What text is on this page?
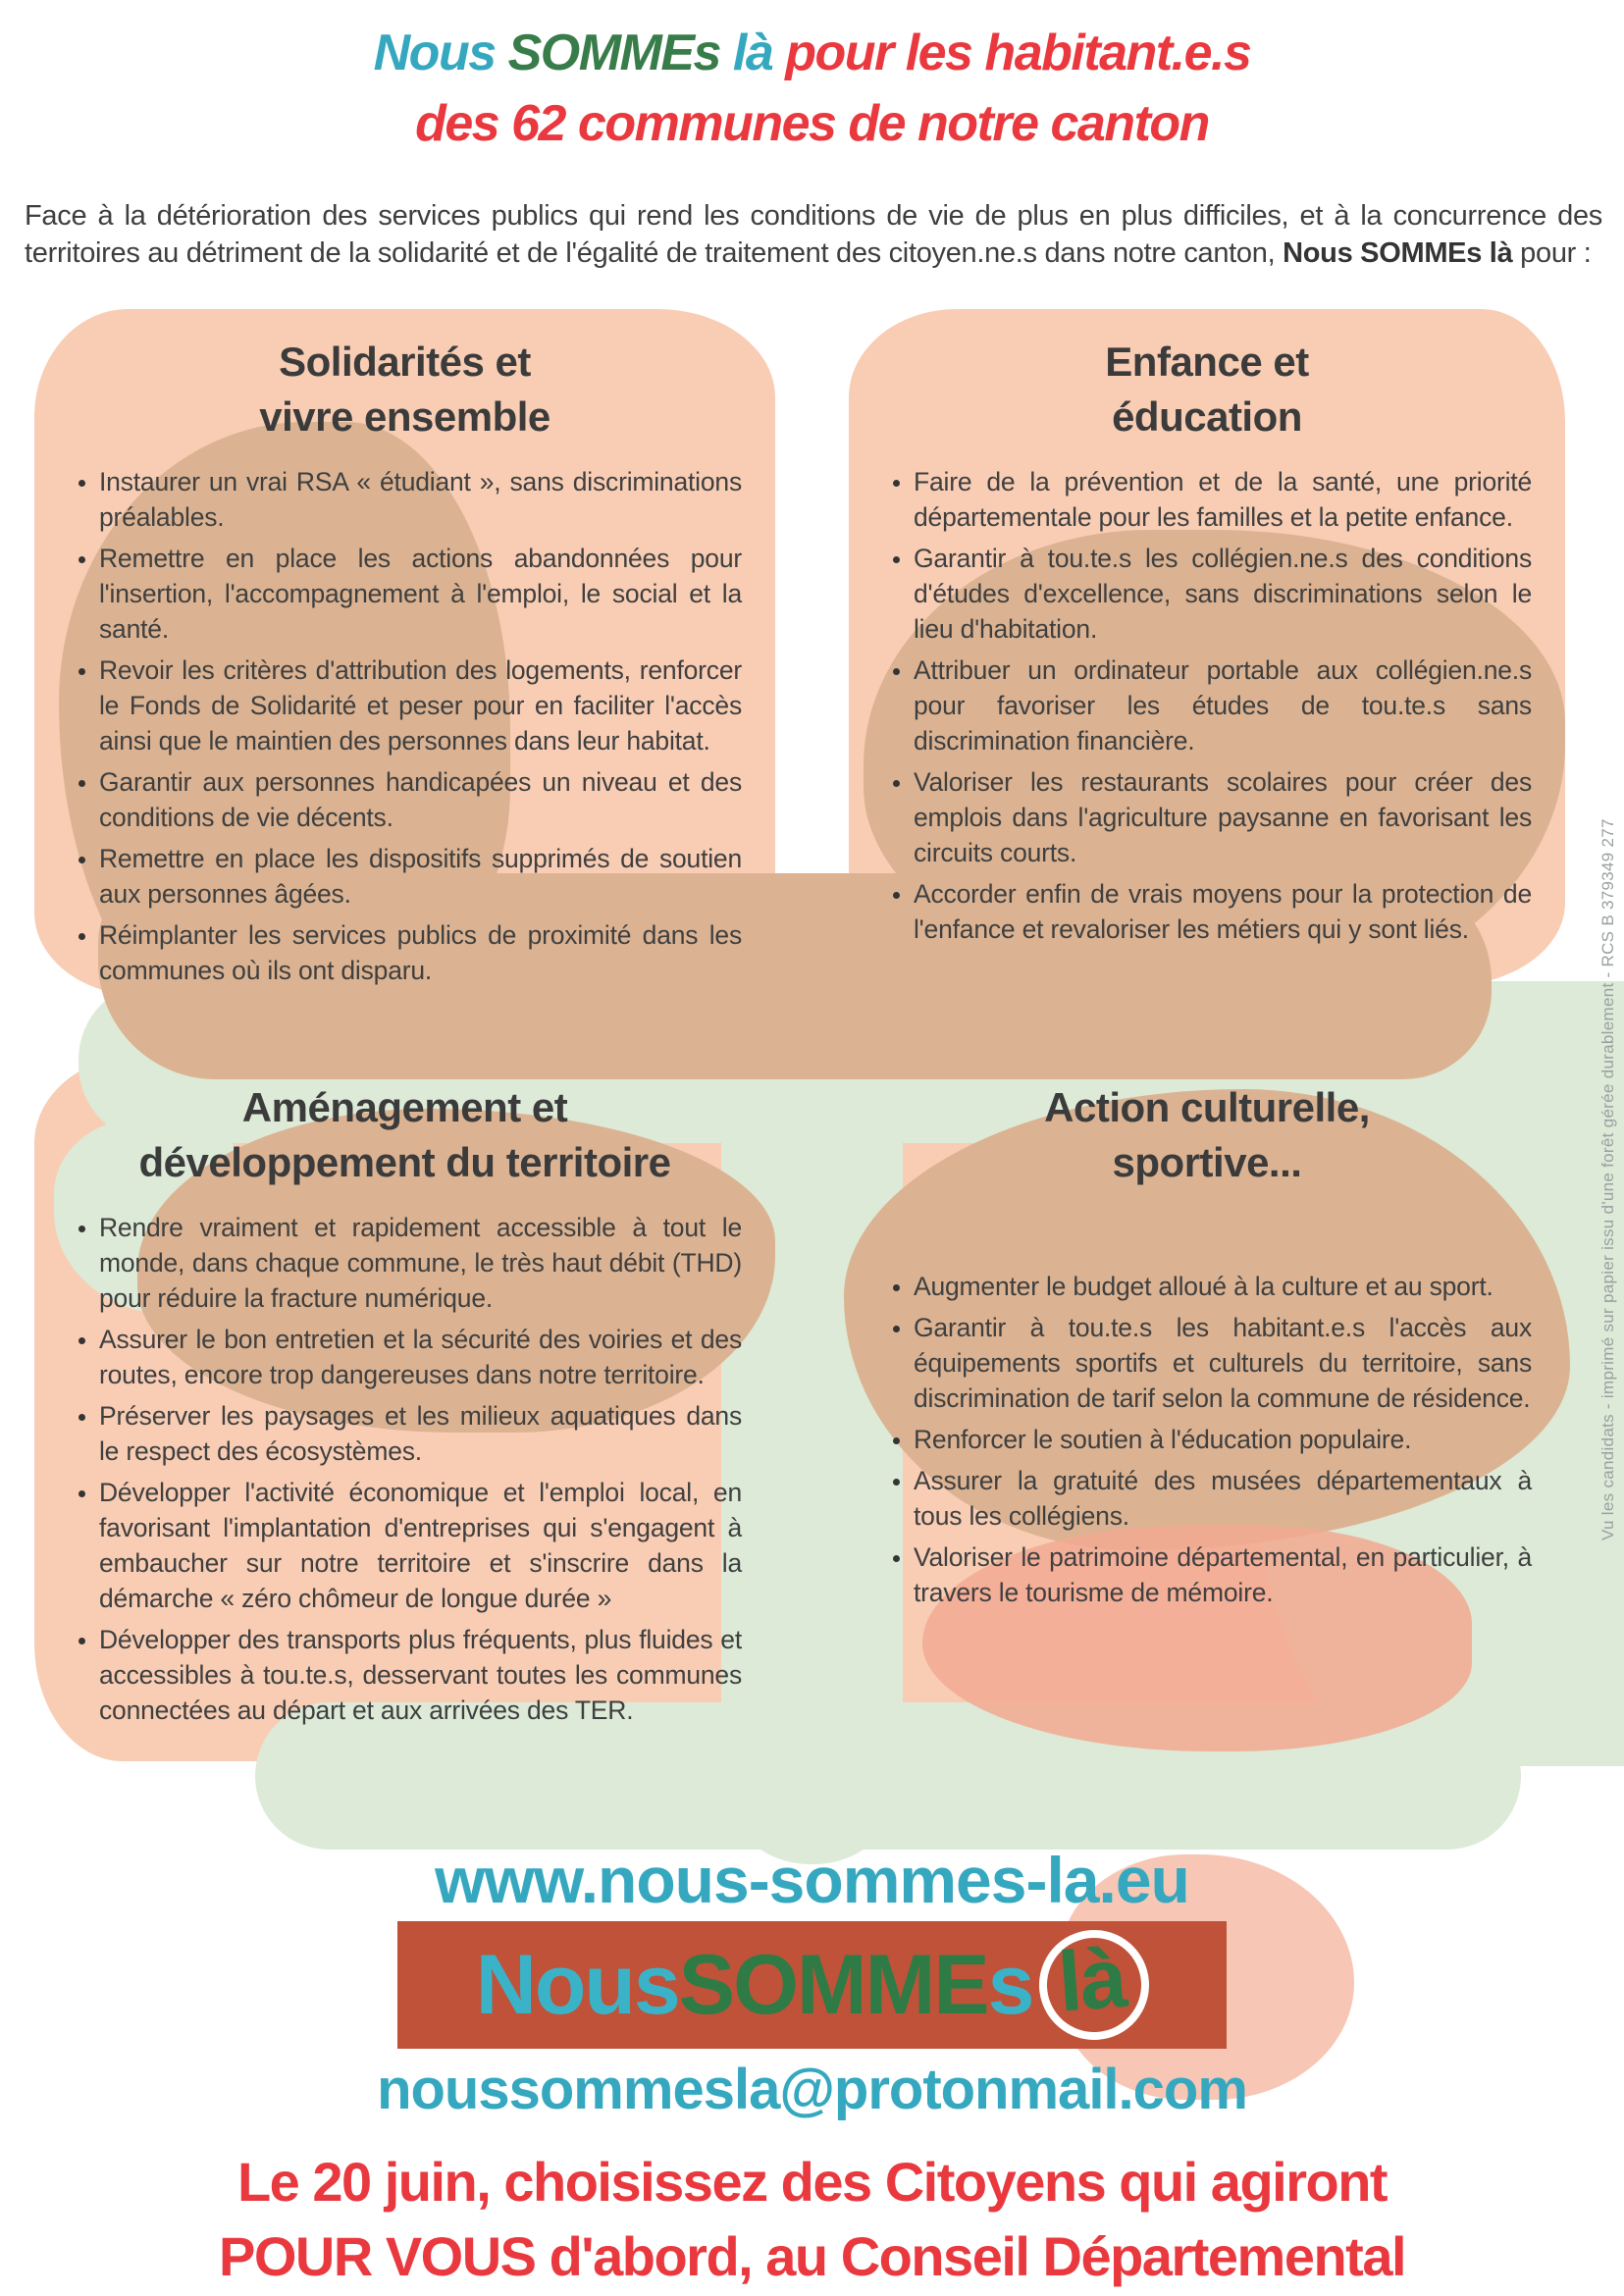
Nous SOMMEs là pour les habitant.e.s
des 62 communes de notre canton

Face à la détérioration des services publics qui rend les conditions de vie de plus en plus difficiles, et à la concurrence des territoires au détriment de la solidarité et de l'égalité de traitement des citoyen.ne.s dans notre canton, Nous SOMMEs là pour :

Solidarités et
vivre ensemble
• Instaurer un vrai RSA « étudiant », sans discriminations préalables.
• Remettre en place les actions abandonnées pour l'insertion, l'accompagnement à l'emploi, le social et la santé.
• Revoir les critères d'attribution des logements, renforcer le Fonds de Solidarité et peser pour en faciliter l'accès ainsi que le maintien des personnes dans leur habitat.
• Garantir aux personnes handicapées un niveau et des conditions de vie décents.
• Remettre en place les dispositifs supprimés de soutien aux personnes âgées.
• Réimplanter les services publics de proximité dans les communes où ils ont disparu.
Enfance et
éducation
• Faire de la prévention et de la santé, une priorité départementale pour les familles et la petite enfance.
• Garantir à tou.te.s les collégien.ne.s des conditions d'études d'excellence, sans discriminations selon le lieu d'habitation.
• Attribuer un ordinateur portable aux collégien.ne.s pour favoriser les études de tou.te.s sans discrimination financière.
• Valoriser les restaurants scolaires pour créer des emplois dans l'agriculture paysanne en favorisant les circuits courts.
• Accorder enfin de vrais moyens pour la protection de l'enfance et revaloriser les métiers qui y sont liés.
Aménagement et
développement du territoire
• Rendre vraiment et rapidement accessible à tout le monde, dans chaque commune, le très haut débit (THD) pour réduire la fracture numérique.
• Assurer le bon entretien et la sécurité des voiries et des routes, encore trop dangereuses dans notre territoire.
• Préserver les paysages et les milieux aquatiques dans le respect des écosystèmes.
• Développer l'activité économique et l'emploi local, en favorisant l'implantation d'entreprises qui s'engagent à embaucher sur notre territoire et s'inscrire dans la démarche « zéro chômeur de longue durée »
• Développer des transports plus fréquents, plus fluides et accessibles à tou.te.s, desservant toutes les communes connectées au départ et aux arrivées des TER.
Action culturelle,
sportive...
• Augmenter le budget alloué à la culture et au sport.
• Garantir à tou.te.s les habitant.e.s l'accès aux équipements sportifs et culturels du territoire, sans discrimination de tarif selon la commune de résidence.
• Renforcer le soutien à l'éducation populaire.
• Assurer la gratuité des musées départementaux à tous les collégiens.
• Valoriser le patrimoine départemental, en particulier, à travers le tourisme de mémoire.
www.nous-sommes-la.eu
Nous SOMME s là
noussommesla@protonmail.com
Le 20 juin, choisissez des Citoyens qui agiront
POUR VOUS d'abord, au Conseil Départemental
Vu les candidats - imprimé sur papier issu d'une forêt gérée durablement - RCS B 379349 277
